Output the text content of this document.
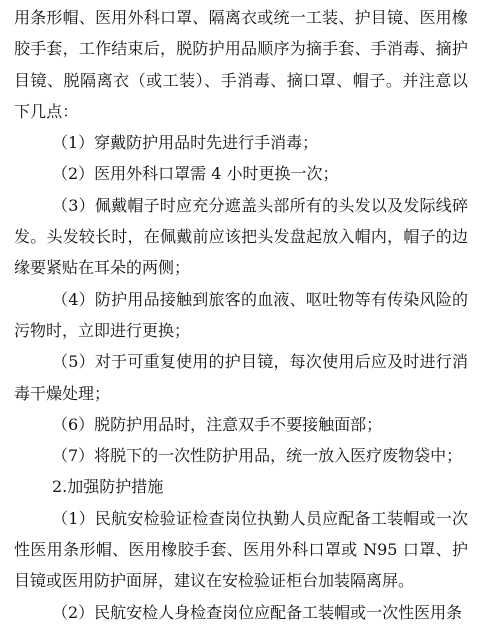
用条形帽、医用外科口罩、隔离衣或统一工装、护目镜、医用橡胶手套，工作结束后，脱防护用品顺序为摘手套、手消毒、摘护目镜、脱隔离衣（或工装）、手消毒、摘口罩、帽子。并注意以下几点：

（1）穿戴防护用品时先进行手消毒；

（2）医用外科口罩需 4 小时更换一次；

（3）佩戴帽子时应充分遮盖头部所有的头发以及发际线碎发。头发较长时，在佩戴前应该把头发盘起放入帽内，帽子的边缘要紧贴在耳朵的两侧；

（4）防护用品接触到旅客的血液、呕吐物等有传染风险的污物时，立即进行更换；

（5）对于可重复使用的护目镜，每次使用后应及时进行消毒干燥处理；

（6）脱防护用品时，注意双手不要接触面部；

（7）将脱下的一次性防护用品，统一放入医疗废物袋中；

2.加强防护措施

（1）民航安检验证检查岗位执勤人员应配备工装帽或一次性医用条形帽、医用橡胶手套、医用外科口罩或 N95 口罩、护目镜或医用防护面屏，建议在安检验证柜台加装隔离屏。

（2）民航安检人身检查岗位应配备工装帽或一次性医用条
